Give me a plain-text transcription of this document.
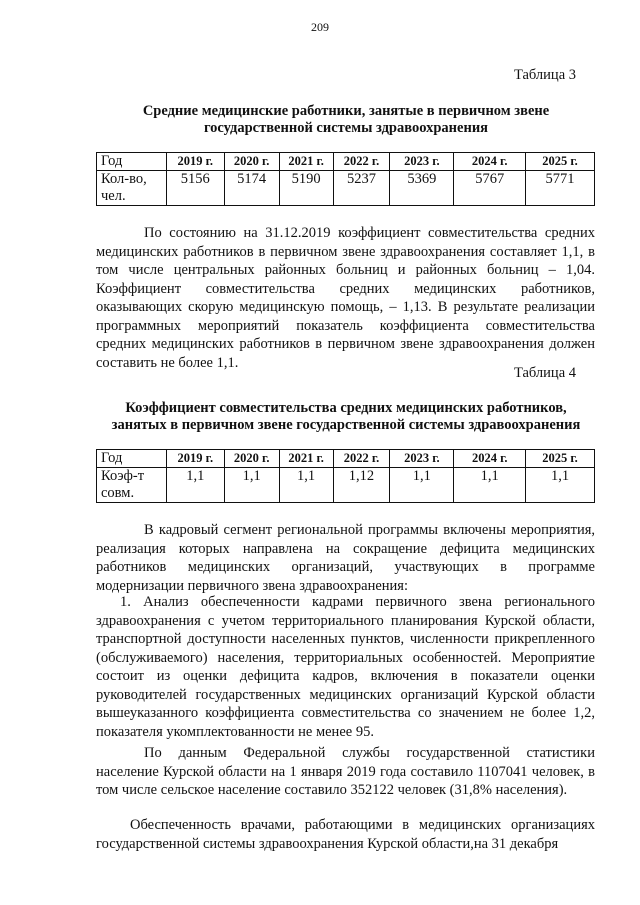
209
Таблица 3
Средние медицинские работники, занятые в первичном звене
государственной системы здравоохранения
Год	2019 г.	2020 г.	2021 г.	2022 г.	2023 г.	2024 г.	2025 г.

Кол-во,
чел.	5156	5174	5190	5237	5369	5767	5771
По состоянию на 31.12.2019 коэффициент совместительства средних медицинских работников в первичном звене здравоохранения составляет 1,1, в том числе центральных районных больниц и районных больниц – 1,04. Коэффициент совместительства средних медицинских работников, оказывающих скорую медицинскую помощь, – 1,13. В результате реализации программных мероприятий показатель коэффициента совместительства средних медицинских работников в первичном звене здравоохранения должен составить не более 1,1.
Таблица 4
Коэффициент совместительства средних медицинских работников,
занятых в первичном звене государственной системы здравоохранения
Год	2019 г.	2020 г.	2021 г.	2022 г.	2023 г.	2024 г.	2025 г.

Коэф-т
совм.	1,1	1,1	1,1	1,12	1,1	1,1	1,1
В кадровый сегмент региональной программы включены мероприятия, реализация которых направлена на сокращение дефицита медицинских работников медицинских организаций, участвующих в программе модернизации первичного звена здравоохранения:
1. Анализ обеспеченности кадрами первичного звена регионального здравоохранения с учетом территориального планирования Курской области, транспортной доступности населенных пунктов, численности прикрепленного (обслуживаемого) населения, территориальных особенностей. Мероприятие состоит из оценки дефицита кадров, включения в показатели оценки руководителей государственных медицинских организаций Курской области вышеуказанного коэффициента совместительства со значением не более 1,2, показателя укомплектованности не менее 95.
По данным Федеральной службы государственной статистики население Курской области на 1 января 2019 года составило 1107041 человек, в том числе сельское население составило 352122 человек (31,8% населения).
Обеспеченность врачами, работающими в медицинских организациях государственной системы здравоохранения Курской области,на 31 декабря
